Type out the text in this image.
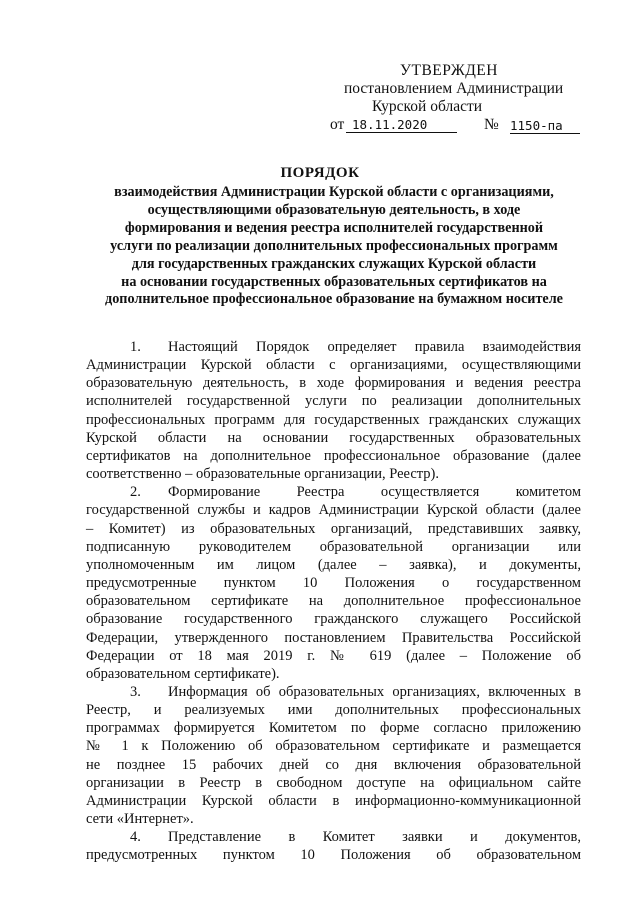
УТВЕРЖДЕН
постановлением Администрации
Курской области
от 18.11.2020	№ 1150-па
ПОРЯДОК
взаимодействия Администрации Курской области с организациями,
осуществляющими образовательную деятельность, в ходе
формирования и ведения реестра исполнителей государственной
услуги по реализации дополнительных профессиональных программ
для государственных гражданских служащих Курской области
на основании государственных образовательных сертификатов на
дополнительное профессиональное образование на бумажном носителе
1. Настоящий Порядок определяет правила взаимодействия
Администрации Курской области с организациями, осуществляющими
образовательную деятельность, в ходе формирования и ведения реестра
исполнителей государственной услуги по реализации дополнительных
профессиональных программ для государственных гражданских служащих
Курской области на основании государственных образовательных
сертификатов на дополнительное профессиональное образование (далее
соответственно – образовательные организации, Реестр).
2. Формирование Реестра осуществляется комитетом
государственной службы и кадров Администрации Курской области (далее
– Комитет) из образовательных организаций, представивших заявку,
подписанную руководителем образовательной организации или
уполномоченным им лицом (далее – заявка), и документы,
предусмотренные пунктом 10 Положения о государственном
образовательном сертификате на дополнительное профессиональное
образование государственного гражданского служащего Российской
Федерации, утвержденного постановлением Правительства Российской
Федерации от 18 мая 2019 г. № 619 (далее – Положение об
образовательном сертификате).
3. Информация об образовательных организациях, включенных в
Реестр, и реализуемых ими дополнительных профессиональных
программах формируется Комитетом по форме согласно приложению
№ 1 к Положению об образовательном сертификате и размещается
не позднее 15 рабочих дней со дня включения образовательной
организации в Реестр в свободном доступе на официальном сайте
Администрации Курской области в информационно-коммуникационной
сети «Интернет».
4. Представление в Комитет заявки и документов,
предусмотренных пунктом 10 Положения об образовательном
